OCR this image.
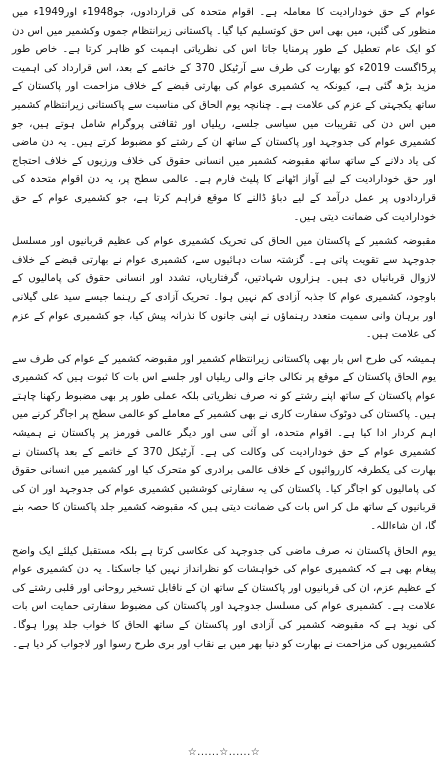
عوام کے حق خودارادیت کا معاملہ ہے۔ اقوام متحدہ کی قراردادوں، جو1948ء اور1949ء میں منظور کی گئیں، میں بھی اس حق کوتسلیم کیا گیا۔ پاکستانی زیرانتظام جموں وکشمیر میں اس دن کو ایک عام تعطیل کے طور پرمنایا جاتا اس کی نظریاتی اہمیت کو ظاہر کرتا ہے۔ خاص طور پر5اگست 2019ء کو بھارت کی طرف سے آرٹیکل 370 کے خاتمے کے بعد، اس قرارداد کی اہمیت مزید بڑھ گئی ہے، کیونکہ یہ کشمیری عوام کی بھارتی قبضے کے خلاف مزاحمت اور پاکستان کے ساتھ یکجہتی کے عزم کی علامت ہے۔ چنانچہ یوم الحاق کی مناسبت سے پاکستانی زیرانتظام کشمیر میں اس دن کی تقریبات میں سیاسی جلسے، ریلیاں اور ثقافتی پروگرام شامل ہوتے ہیں، جو کشمیری عوام کی جدوجہد اور پاکستان کے ساتھ ان کے رشتے کو مضبوط کرتے ہیں۔ یہ دن ماضی کی یاد دلانے کے ساتھ ساتھ مقبوضہ کشمیر میں انسانی حقوق کی خلاف ورزیوں کے خلاف احتجاج اور حق خودارادیت کے لیے آواز اٹھانے کا پلیٹ فارم ہے۔ عالمی سطح پر، یہ دن اقوام متحدہ کی قراردادوں پر عمل درآمد کے لیے دباؤ ڈالنے کا موقع فراہم کرتا ہے، جو کشمیری عوام کے حق خودارادیت کی ضمانت دیتی ہیں۔

مقبوضہ کشمیر کے پاکستان میں الحاق کی تحریک کشمیری عوام کی عظیم قربانیوں اور مسلسل جدوجہد سے تقویت پاتی ہے۔ گزشتہ سات دہائیوں سے، کشمیری عوام نے بھارتی قبضے کے خلاف لازوال قربانیاں دی ہیں۔ ہزاروں شہادتیں، گرفتاریاں، تشدد اور انسانی حقوق کی پامالیوں کے باوجود، کشمیری عوام کا جذبہ آزادی کم نہیں ہوا۔ تحریک آزادی کے رہنما جیسے سید علی گیلانی اور برہان وانی سمیت متعدد رہنماؤں نے اپنی جانوں کا نذرانہ پیش کیا، جو کشمیری عوام کے عزم کی علامت ہیں۔

ہمیشہ کی طرح اس بار بھی پاکستانی زیرانتظام کشمیر اور مقبوضہ کشمیر کے عوام کی طرف سے یوم الحاق پاکستان کے موقع پر نکالی جانے والی ریلیاں اور جلسے اس بات کا ثبوت ہیں کہ کشمیری عوام پاکستان کے ساتھ اپنے رشتے کو نہ صرف نظریاتی بلکہ عملی طور پر بھی مضبوط رکھنا چاہتے ہیں۔ پاکستان کی دوٹوک سفارت کاری نے بھی کشمیر کے معاملے کو عالمی سطح پر اجاگر کرنے میں اہم کردار ادا کیا ہے۔ اقوام متحدہ، او آئی سی اور دیگر عالمی فورمز پر پاکستان نے ہمیشہ کشمیری عوام کے حق خودارادیت کی وکالت کی ہے۔ آرٹیکل 370 کے خاتمے کے بعد پاکستان نے بھارت کی یکطرفہ کارروائیوں کے خلاف عالمی برادری کو متحرک کیا اور کشمیر میں انسانی حقوق کی پامالیوں کو اجاگر کیا۔ پاکستان کی یہ سفارتی کوششیں کشمیری عوام کی جدوجہد اور ان کی قربانیوں کے ساتھ مل کر اس بات کی ضمانت دیتی ہیں کہ مقبوضہ کشمیر جلد پاکستان کا حصہ بنے گا، ان شاءاللہ۔

یوم الحاق پاکستان نہ صرف ماضی کی جدوجہد کی عکاسی کرتا ہے بلکہ مستقبل کیلئے ایک واضح پیغام بھی ہے کہ کشمیری عوام کی خواہشات کو نظرانداز نہیں کیا جاسکتا۔ یہ دن کشمیری عوام کے عظیم عزم، ان کی قربانیوں اور پاکستان کے ساتھ ان کے ناقابل تسخیر روحانی اور قلبی رشتے کی علامت ہے۔ کشمیری عوام کی مسلسل جدوجہد اور پاکستان کی مضبوط سفارتی حمایت اس بات کی نوید ہے کہ مقبوضہ کشمیر کی آزادی اور پاکستان کے ساتھ الحاق کا خواب جلد پورا ہوگا۔ کشمیریوں کی مزاحمت نے بھارت کو دنیا بھر میں بے نقاب اور بری طرح رسوا اور لاجواب کر دیا ہے۔

☆......☆......☆
